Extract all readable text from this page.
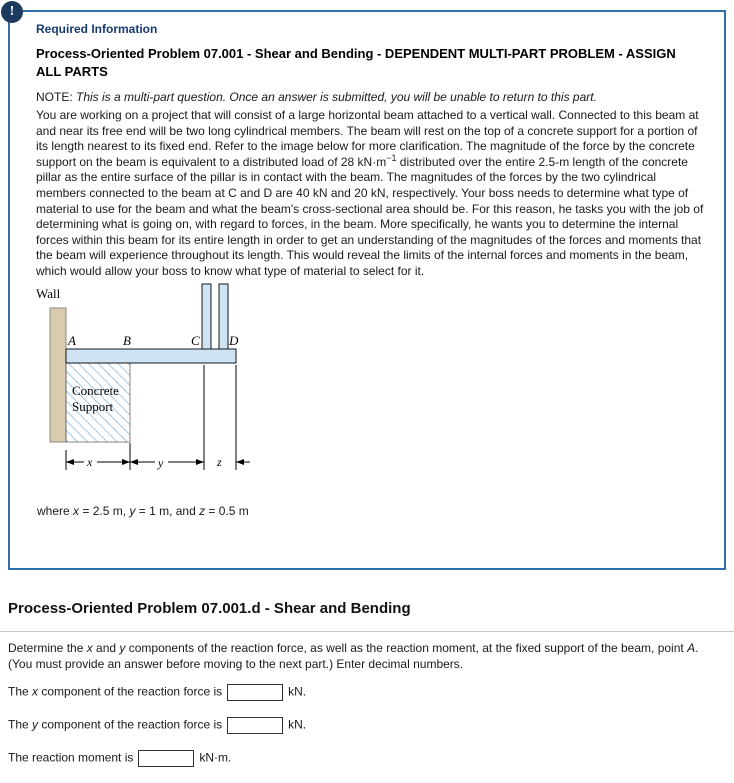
!
Required Information
Process-Oriented Problem 07.001 - Shear and Bending - DEPENDENT MULTI-PART PROBLEM - ASSIGN ALL PARTS

NOTE: This is a multi-part question. Once an answer is submitted, you will be unable to return to this part.

You are working on a project that will consist of a large horizontal beam attached to a vertical wall. Connected to this beam at and near its free end will be two long cylindrical members. The beam will rest on the top of a concrete support for a portion of its length nearest to its fixed end. Refer to the image below for more clarification. The magnitude of the force by the concrete support on the beam is equivalent to a distributed load of 28 $kN\cdot m^{-1}$ distributed over the entire 2.5-m length of the concrete pillar as the entire surface of the pillar is in contact with the beam. The magnitudes of the forces by the two cylindrical members connected to the beam at C and D are 40 kN and 20 kN, respectively. Your boss needs to determine what type of material to use for the beam and what the beam's cross-sectional area should be. For this reason, he tasks you with the job of determining what is going on, with regard to forces, in the beam. More specifically, he wants you to determine the internal forces within this beam for its entire length in order to get an understanding of the magnitudes of the forces and moments that the beam will experience throughout its length. This would reveal the limits of the internal forces and moments in the beam, which would allow your boss to know what type of material to select for it.

Wall
A	B	C D
Concrete
Support
x	y	z

where x = 2.5 m, y = 1 m, and z = 0.5 m

Process-Oriented Problem 07.001.d - Shear and Bending

Determine the x and y components of the reaction force, as well as the reaction moment, at the fixed support of the beam, point A. (You must provide an answer before moving to the next part.) Enter decimal numbers.

The x component of the reaction force is	kN.
The y component of the reaction force is	kN.
The reaction moment is	kN·m.
